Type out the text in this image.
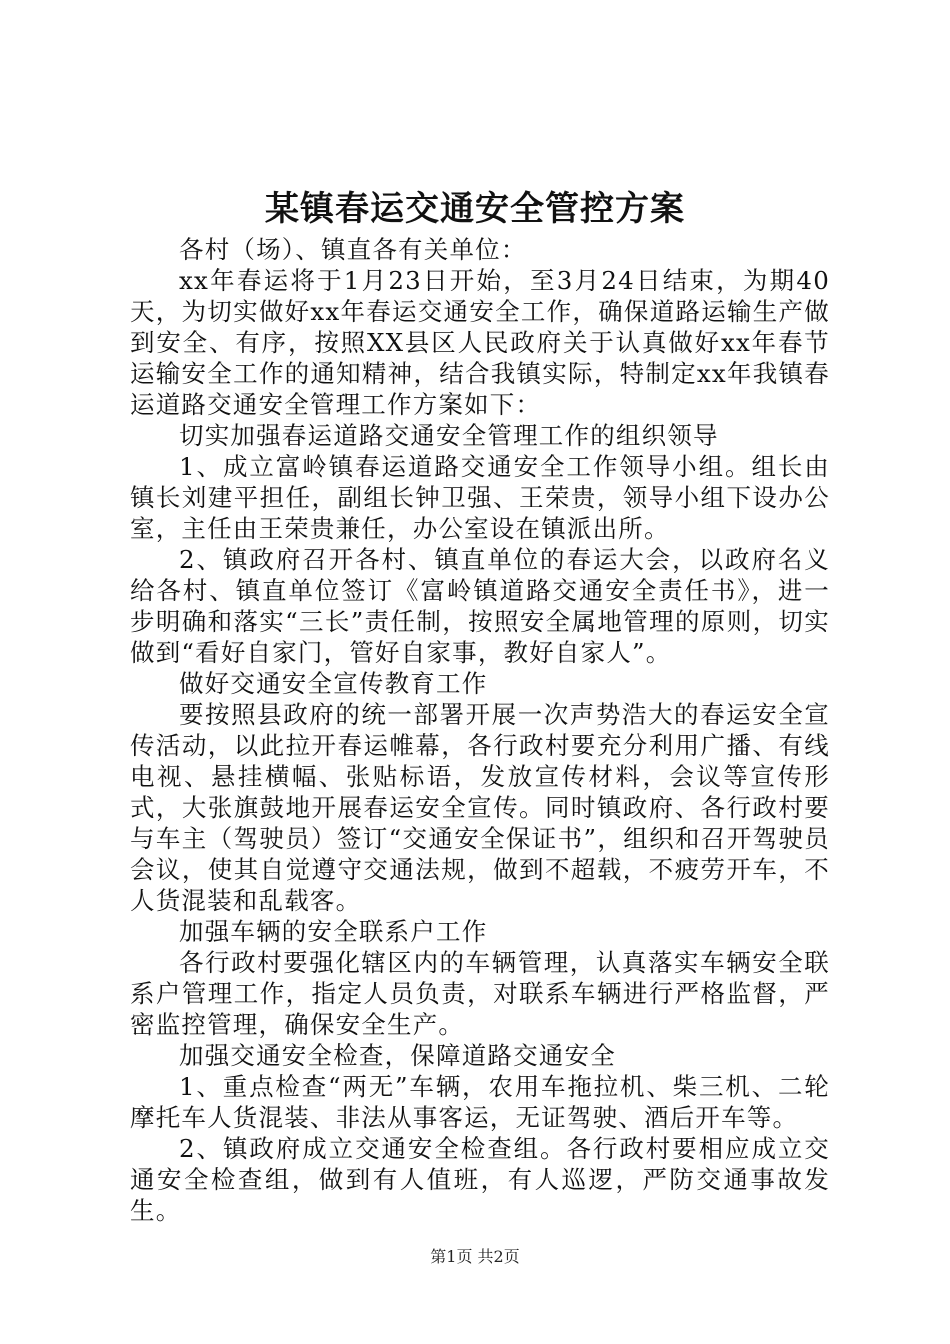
某镇春运交通安全管控方案

各村（场）、镇直各有关单位：

xx年春运将于1月23日开始，至3月24日结束，为期40天，为切实做好xx年春运交通安全工作，确保道路运输生产做到安全、有序，按照XX县区人民政府关于认真做好xx年春节运输安全工作的通知精神，结合我镇实际，特制定xx年我镇春运道路交通安全管理工作方案如下：

切实加强春运道路交通安全管理工作的组织领导

1、成立富岭镇春运道路交通安全工作领导小组。组长由镇长刘建平担任，副组长钟卫强、王荣贵，领导小组下设办公室，主任由王荣贵兼任，办公室设在镇派出所。

2、镇政府召开各村、镇直单位的春运大会，以政府名义给各村、镇直单位签订《富岭镇道路交通安全责任书》，进一步明确和落实“三长”责任制，按照安全属地管理的原则，切实做到“看好自家门，管好自家事，教好自家人”。

做好交通安全宣传教育工作

要按照县政府的统一部署开展一次声势浩大的春运安全宣传活动，以此拉开春运帷幕，各行政村要充分利用广播、有线电视、悬挂横幅、张贴标语，发放宣传材料，会议等宣传形式，大张旗鼓地开展春运安全宣传。同时镇政府、各行政村要与车主（驾驶员）签订“交通安全保证书”，组织和召开驾驶员会议，使其自觉遵守交通法规，做到不超载，不疲劳开车，不人货混装和乱载客。

加强车辆的安全联系户工作

各行政村要强化辖区内的车辆管理，认真落实车辆安全联系户管理工作，指定人员负责，对联系车辆进行严格监督，严密监控管理，确保安全生产。

加强交通安全检查，保障道路交通安全

1、重点检查“两无”车辆，农用车拖拉机、柴三机、二轮摩托车人货混装、非法从事客运，无证驾驶、酒后开车等。

2、镇政府成立交通安全检查组。各行政村要相应成立交通安全检查组，做到有人值班，有人巡逻，严防交通事故发生。

第1页 共2页
